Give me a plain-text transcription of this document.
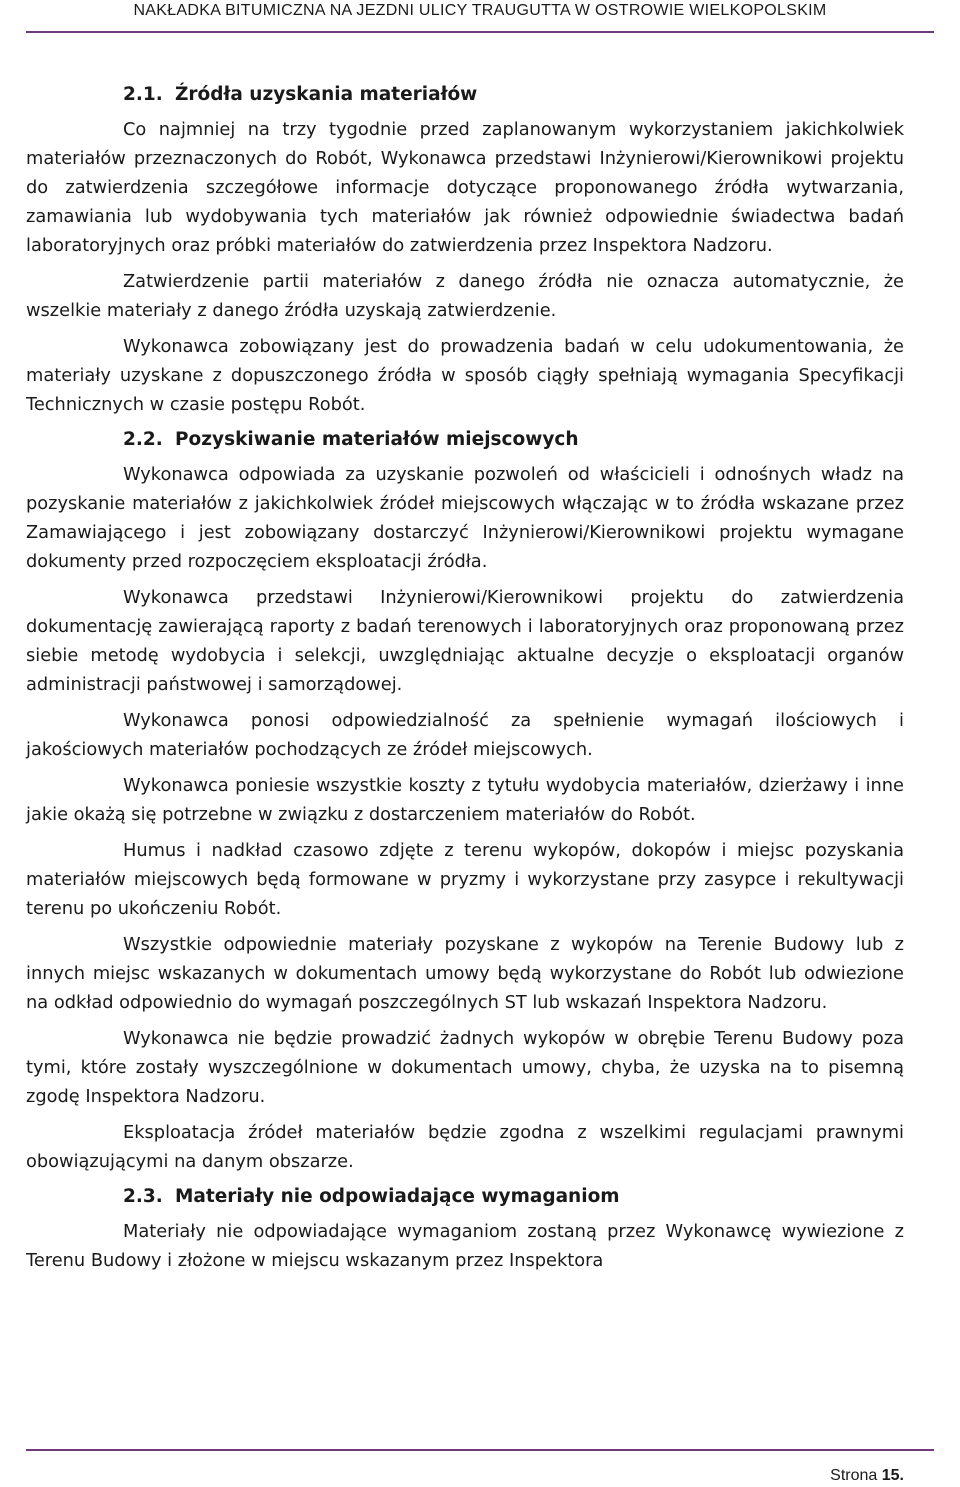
NAKŁADKA BITUMICZNA NA JEZDNI ULICY TRAUGUTTA W OSTROWIE WIELKOPOLSKIM
2.1. Źródła uzyskania materiałów

Co najmniej na trzy tygodnie przed zaplanowanym wykorzystaniem jakichkolwiek materiałów przeznaczonych do Robót, Wykonawca przedstawi Inżynierowi/Kierownikowi projektu do zatwierdzenia szczegółowe informacje dotyczące proponowanego źródła wytwarzania, zamawiania lub wydobywania tych materiałów jak również odpowiednie świadectwa badań laboratoryjnych oraz próbki materiałów do zatwierdzenia przez Inspektora Nadzoru.

Zatwierdzenie partii materiałów z danego źródła nie oznacza automatycznie, że wszelkie materiały z danego źródła uzyskają zatwierdzenie.

Wykonawca zobowiązany jest do prowadzenia badań w celu udokumentowania, że materiały uzyskane z dopuszczonego źródła w sposób ciągły spełniają wymagania Specyfikacji Technicznych w czasie postępu Robót.

2.2. Pozyskiwanie materiałów miejscowych

Wykonawca odpowiada za uzyskanie pozwoleń od właścicieli i odnośnych władz na pozyskanie materiałów z jakichkolwiek źródeł miejscowych włączając w to źródła wskazane przez Zamawiającego i jest zobowiązany dostarczyć Inżynierowi/Kierownikowi projektu wymagane dokumenty przed rozpoczęciem eksploatacji źródła.

Wykonawca przedstawi Inżynierowi/Kierownikowi projektu do zatwierdzenia dokumentację zawierającą raporty z badań terenowych i laboratoryjnych oraz proponowaną przez siebie metodę wydobycia i selekcji, uwzględniając aktualne decyzje o eksploatacji organów administracji państwowej i samorządowej.

Wykonawca ponosi odpowiedzialność za spełnienie wymagań ilościowych i jakościowych materiałów pochodzących ze źródeł miejscowych.

Wykonawca poniesie wszystkie koszty z tytułu wydobycia materiałów, dzierżawy i inne jakie okażą się potrzebne w związku z dostarczeniem materiałów do Robót.

Humus i nadkład czasowo zdjęte z terenu wykopów, dokopów i miejsc pozyskania materiałów miejscowych będą formowane w pryzmy i wykorzystane przy zasypce i rekultywacji terenu po ukończeniu Robót.

Wszystkie odpowiednie materiały pozyskane z wykopów na Terenie Budowy lub z innych miejsc wskazanych w dokumentach umowy będą wykorzystane do Robót lub odwiezione na odkład odpowiednio do wymagań poszczególnych ST lub wskazań Inspektora Nadzoru.

Wykonawca nie będzie prowadzić żadnych wykopów w obrębie Terenu Budowy poza tymi, które zostały wyszczególnione w dokumentach umowy, chyba, że uzyska na to pisemną zgodę Inspektora Nadzoru.

Eksploatacja źródeł materiałów będzie zgodna z wszelkimi regulacjami prawnymi obowiązującymi na danym obszarze.

2.3. Materiały nie odpowiadające wymaganiom

Materiały nie odpowiadające wymaganiom zostaną przez Wykonawcę wywiezione z Terenu Budowy i złożone w miejscu wskazanym przez Inspektora

Strona 15.
